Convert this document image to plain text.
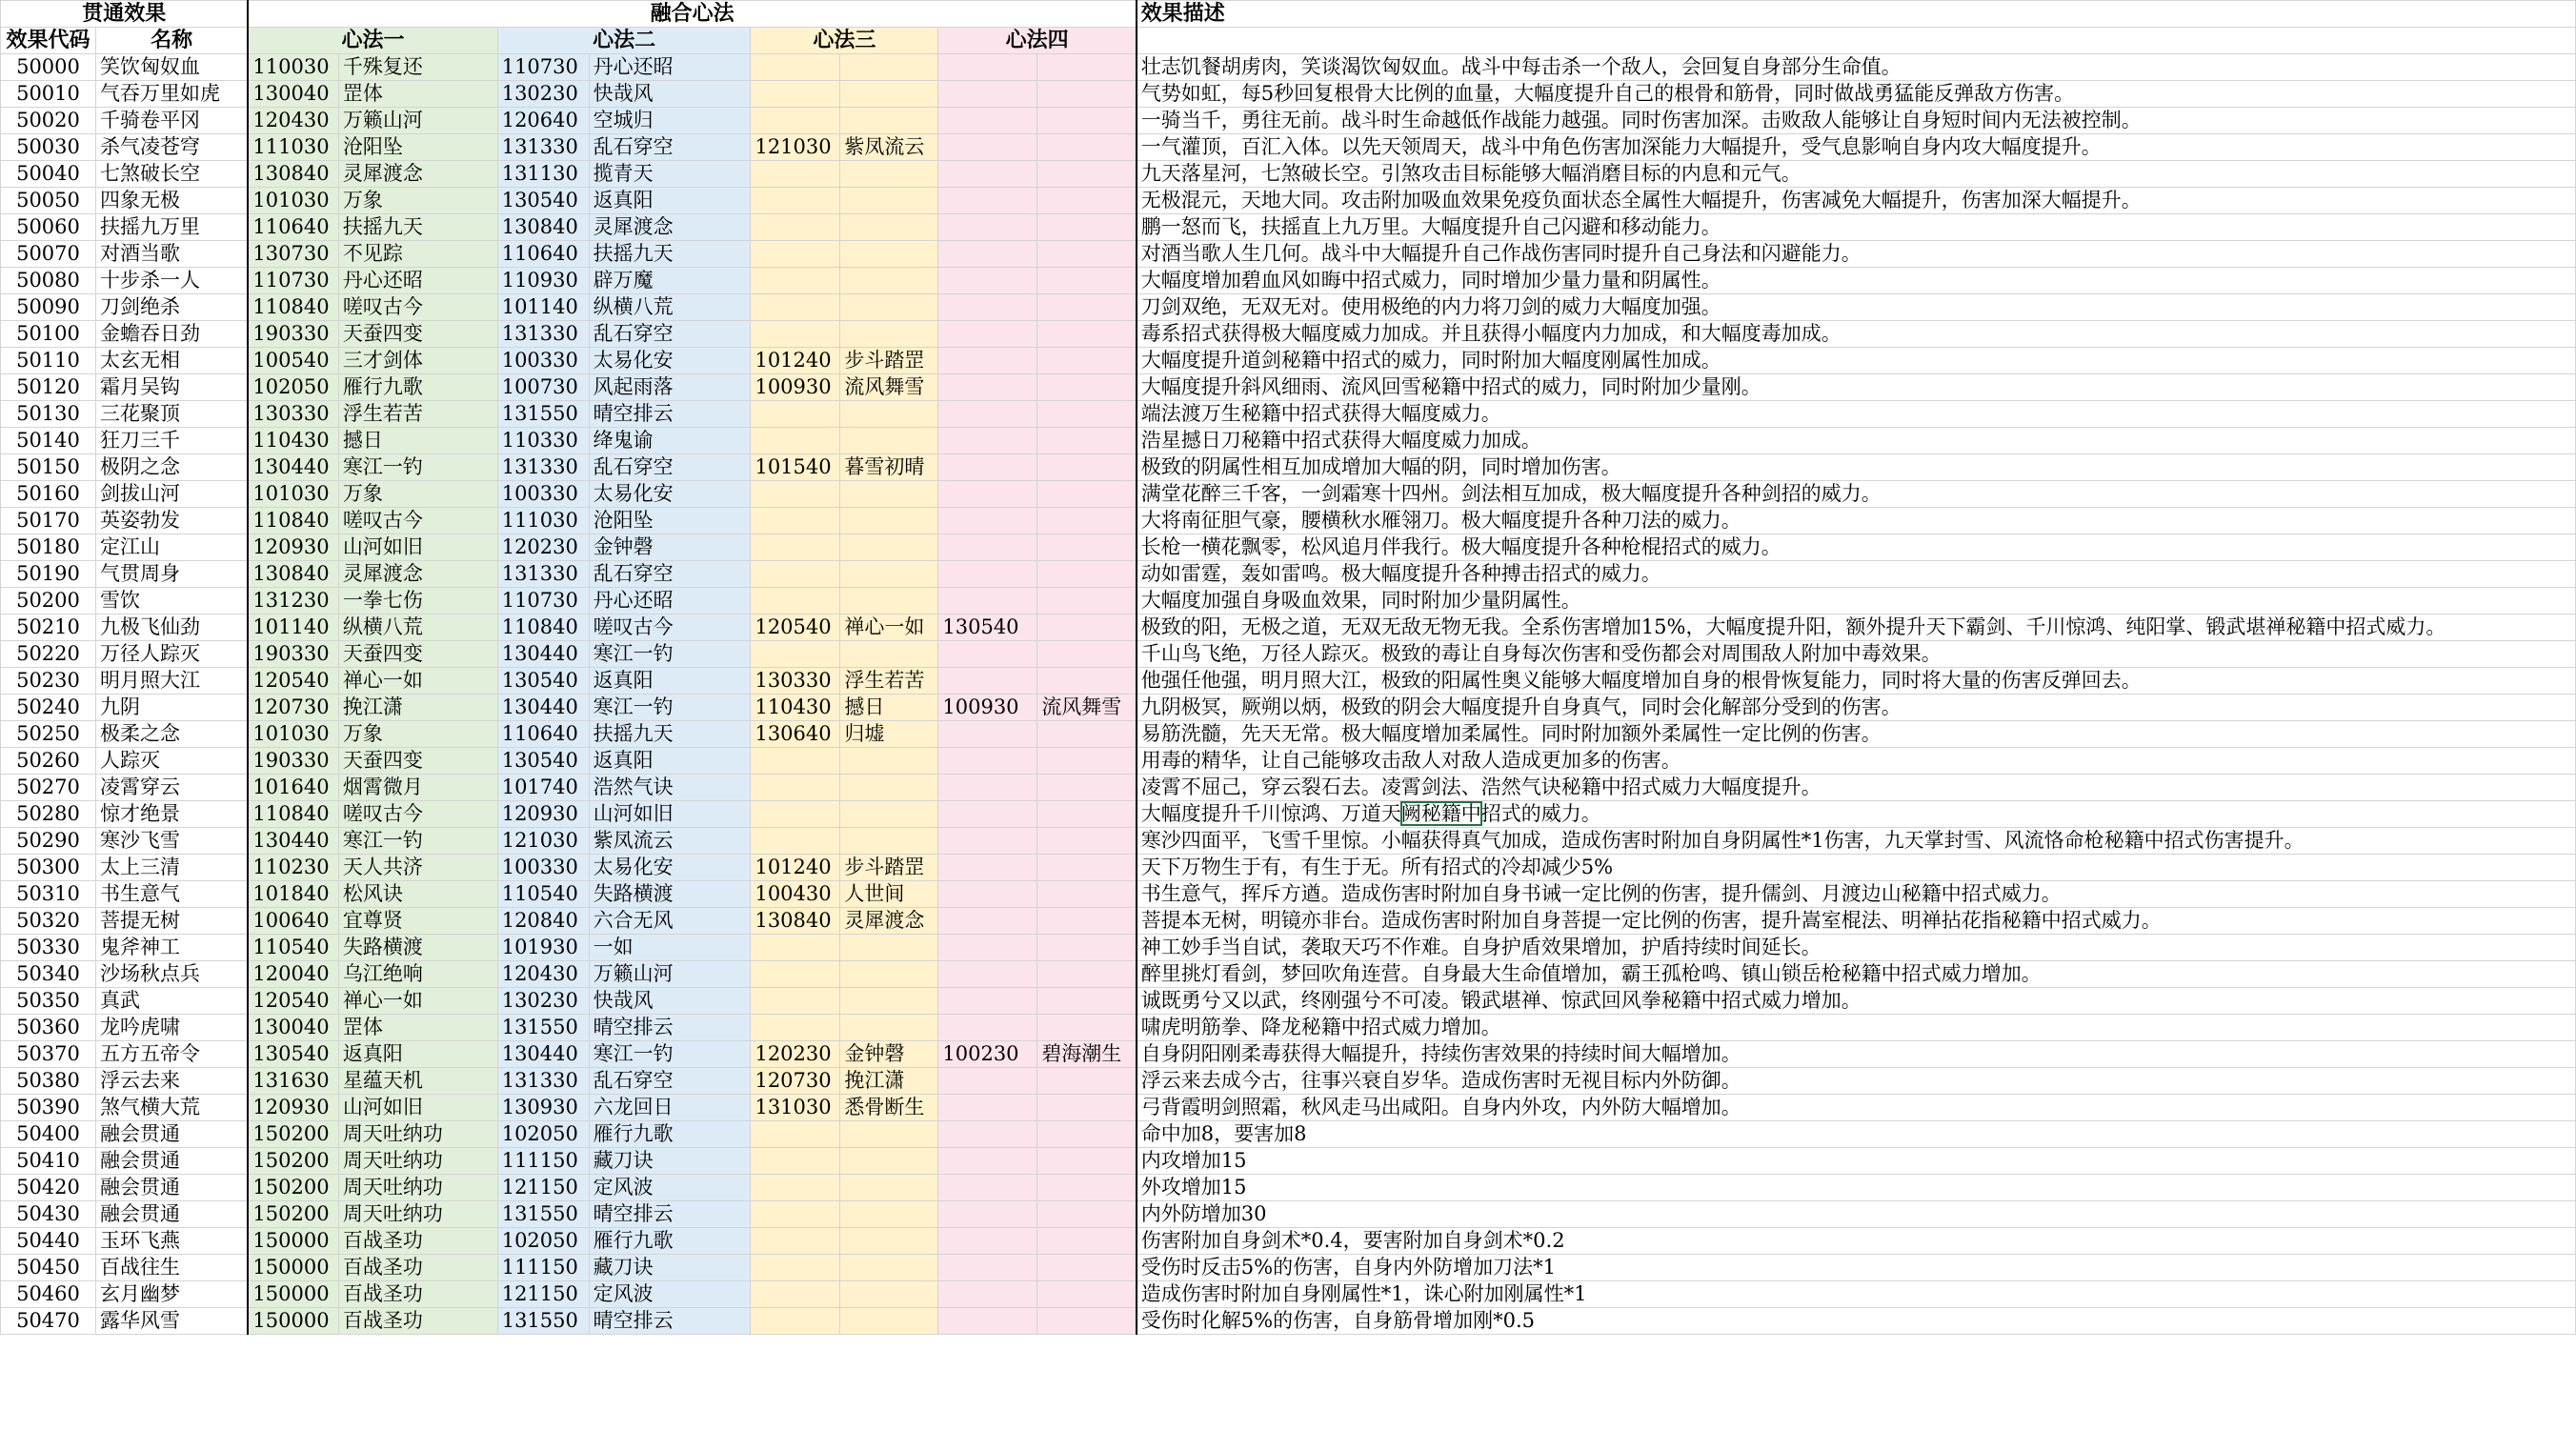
贯通效果		融合心法								效果描述
效果代码	名称	心法一		心法二		心法三		心法四		
50000	笑饮匈奴血	110030	千殊复还	110730	丹心还昭					壮志饥餐胡虏肉，笑谈渴饮匈奴血。战斗中每击杀一个敌人，会回复自身部分生命值。
50010	气吞万里如虎	130040	罡体	130230	快哉风					气势如虹，每5秒回复根骨大比例的血量，大幅度提升自己的根骨和筋骨，同时做战勇猛能反弹敌方伤害。
50020	千骑卷平冈	120430	万籁山河	120640	空城归					一骑当千，勇往无前。战斗时生命越低作战能力越强。同时伤害加深。击败敌人能够让自身短时间内无法被控制。
50030	杀气凌苍穹	111030	沧阳坠	131330	乱石穿空	121030	紫凤流云			一气灌顶，百汇入体。以先天领周天，战斗中角色伤害加深能力大幅提升，受气息影响自身内攻大幅度提升。
50040	七煞破长空	130840	灵犀渡念	131130	揽青天					九天落星河，七煞破长空。引煞攻击目标能够大幅消磨目标的内息和元气。
50050	四象无极	101030	万象	130540	返真阳					无极混元，天地大同。攻击附加吸血效果免疫负面状态全属性大幅提升，伤害减免大幅提升，伤害加深大幅提升。
50060	扶摇九万里	110640	扶摇九天	130840	灵犀渡念					鹏一怒而飞，扶摇直上九万里。大幅度提升自己闪避和移动能力。
50070	对酒当歌	130730	不见踪	110640	扶摇九天					对酒当歌人生几何。战斗中大幅提升自己作战伤害同时提升自己身法和闪避能力。
50080	十步杀一人	110730	丹心还昭	110930	辟万魔					大幅度增加碧血风如晦中招式威力，同时增加少量力量和阴属性。
50090	刀剑绝杀	110840	嗟叹古今	101140	纵横八荒					刀剑双绝，无双无对。使用极绝的内力将刀剑的威力大幅度加强。
50100	金蟾吞日劲	190330	天蚕四变	131330	乱石穿空					毒系招式获得极大幅度威力加成。并且获得小幅度内力加成，和大幅度毒加成。
50110	太玄无相	100540	三才剑体	100330	太易化安	101240	步斗踏罡			大幅度提升道剑秘籍中招式的威力，同时附加大幅度刚属性加成。
50120	霜月吴钩	102050	雁行九歌	100730	风起雨落	100930	流风舞雪			大幅度提升斜风细雨、流风回雪秘籍中招式的威力，同时附加少量刚。
50130	三花聚顶	130330	浮生若苦	131550	晴空排云					端法渡万生秘籍中招式获得大幅度威力。
50140	狂刀三千	110430	撼日	110330	绛鬼谕					浩星撼日刀秘籍中招式获得大幅度威力加成。
50150	极阴之念	130440	寒江一钓	131330	乱石穿空	101540	暮雪初晴			极致的阴属性相互加成增加大幅的阴，同时增加伤害。
50160	剑拔山河	101030	万象	100330	太易化安					满堂花醉三千客，一剑霜寒十四州。剑法相互加成，极大幅度提升各种剑招的威力。
50170	英姿勃发	110840	嗟叹古今	111030	沧阳坠					大将南征胆气豪，腰横秋水雁翎刀。极大幅度提升各种刀法的威力。
50180	定江山	120930	山河如旧	120230	金钟磬					长枪一横花飘零，松风追月伴我行。极大幅度提升各种枪棍招式的威力。
50190	气贯周身	130840	灵犀渡念	131330	乱石穿空					动如雷霆，轰如雷鸣。极大幅度提升各种搏击招式的威力。
50200	雪饮	131230	一拳七伤	110730	丹心还昭					大幅度加强自身吸血效果，同时附加少量阴属性。
50210	九极飞仙劲	101140	纵横八荒	110840	嗟叹古今	120540	禅心一如	130540		极致的阳，无极之道，无双无敌无物无我。全系伤害增加15%，大幅度提升阳，额外提升天下霸剑、千川惊鸿、纯阳掌、锻武堪禅秘籍中招式威力。
50220	万径人踪灭	190330	天蚕四变	130440	寒江一钓					千山鸟飞绝，万径人踪灭。极致的毒让自身每次伤害和受伤都会对周围敌人附加中毒效果。
50230	明月照大江	120540	禅心一如	130540	返真阳	130330	浮生若苦			他强任他强，明月照大江，极致的阳属性奥义能够大幅度增加自身的根骨恢复能力，同时将大量的伤害反弹回去。
50240	九阴	120730	挽江潇	130440	寒江一钓	110430	撼日	100930	流风舞雪	九阴极冥，厥朔以炳，极致的阴会大幅度提升自身真气，同时会化解部分受到的伤害。
50250	极柔之念	101030	万象	110640	扶摇九天	130640	归墟			易筋洗髓，先天无常。极大幅度增加柔属性。同时附加额外柔属性一定比例的伤害。
50260	人踪灭	190330	天蚕四变	130540	返真阳					用毒的精华，让自己能够攻击敌人对敌人造成更加多的伤害。
50270	凌霄穿云	101640	烟霄微月	101740	浩然气诀					凌霄不屈己，穿云裂石去。凌霄剑法、浩然气诀秘籍中招式威力大幅度提升。
50280	惊才绝景	110840	嗟叹古今	120930	山河如旧					大幅度提升千川惊鸿、万道天阙秘籍中招式的威力。
50290	寒沙飞雪	130440	寒江一钓	121030	紫凤流云					寒沙四面平，飞雪千里惊。小幅获得真气加成，造成伤害时附加自身阴属性*1伤害，九天掌封雪、风流恪命枪秘籍中招式伤害提升。
50300	太上三清	110230	天人共济	100330	太易化安	101240	步斗踏罡			天下万物生于有，有生于无。所有招式的冷却减少5%
50310	书生意气	101840	松风诀	110540	失路横渡	100430	人世间			书生意气，挥斥方遒。造成伤害时附加自身书诫一定比例的伤害，提升儒剑、月渡边山秘籍中招式威力。
50320	菩提无树	100640	宜尊贤	120840	六合无风	130840	灵犀渡念			菩提本无树，明镜亦非台。造成伤害时附加自身菩提一定比例的伤害，提升嵩室棍法、明禅拈花指秘籍中招式威力。
50330	鬼斧神工	110540	失路横渡	101930	一如					神工妙手当自试，袭取天巧不作难。自身护盾效果增加，护盾持续时间延长。
50340	沙场秋点兵	120040	乌江绝响	120430	万籁山河					醉里挑灯看剑，梦回吹角连营。自身最大生命值增加，霸王孤枪鸣、镇山锁岳枪秘籍中招式威力增加。
50350	真武	120540	禅心一如	130230	快哉风					诚既勇兮又以武，终刚强兮不可凌。锻武堪禅、惊武回风拳秘籍中招式威力增加。
50360	龙吟虎啸	130040	罡体	131550	晴空排云					啸虎明筋拳、降龙秘籍中招式威力增加。
50370	五方五帝令	130540	返真阳	130440	寒江一钓	120230	金钟磬	100230	碧海潮生	自身阴阳刚柔毒获得大幅提升，持续伤害效果的持续时间大幅增加。
50380	浮云去来	131630	星蕴天机	131330	乱石穿空	120730	挽江潇			浮云来去成今古，往事兴衰自岁华。造成伤害时无视目标内外防御。
50390	煞气横大荒	120930	山河如旧	130930	六龙回日	131030	悉骨断生			弓背霞明剑照霜，秋风走马出咸阳。自身内外攻，内外防大幅增加。
50400	融会贯通	150200	周天吐纳功	102050	雁行九歌					命中加8，要害加8
50410	融会贯通	150200	周天吐纳功	111150	藏刀诀					内攻增加15
50420	融会贯通	150200	周天吐纳功	121150	定风波					外攻增加15
50430	融会贯通	150200	周天吐纳功	131550	晴空排云					内外防增加30
50440	玉环飞燕	150000	百战圣功	102050	雁行九歌					伤害附加自身剑术*0.4，要害附加自身剑术*0.2
50450	百战往生	150000	百战圣功	111150	藏刀诀					受伤时反击5%的伤害，自身内外防增加刀法*1
50460	玄月幽梦	150000	百战圣功	121150	定风波					造成伤害时附加自身刚属性*1，诛心附加刚属性*1
50470	露华风雪	150000	百战圣功	131550	晴空排云					受伤时化解5%的伤害，自身筋骨增加刚*0.5
